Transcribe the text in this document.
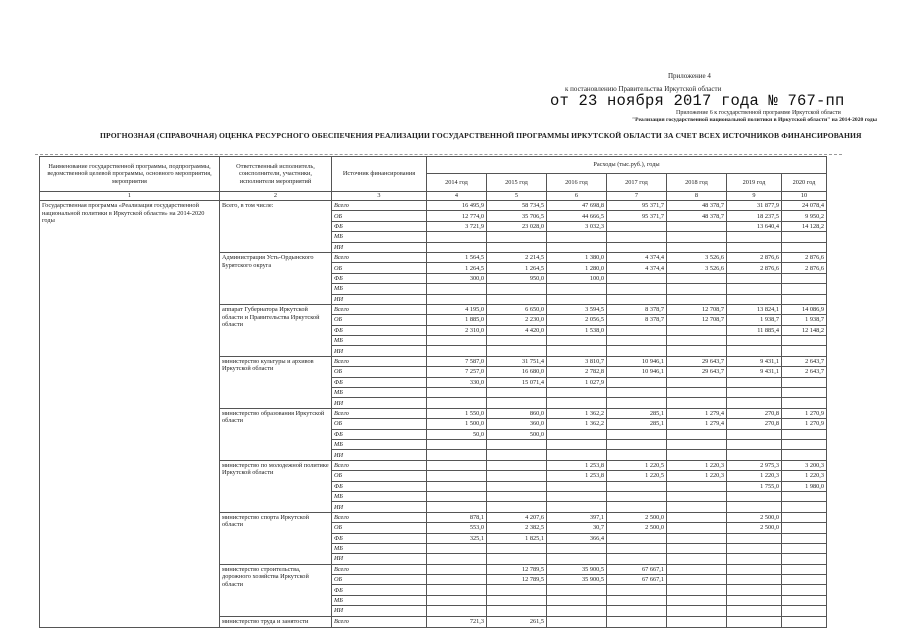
Приложение 4
к постановлению Правительства Иркутской области
от 23 ноября 2017 года № 767-пп
Приложение 6 к государственной программе Иркутской области
"Реализация государственной национальной политики в Иркутской области" на 2014-2020 годы
ПРОГНОЗНАЯ (СПРАВОЧНАЯ) ОЦЕНКА РЕСУРСНОГО ОБЕСПЕЧЕНИЯ РЕАЛИЗАЦИИ ГОСУДАРСТВЕННОЙ ПРОГРАММЫ ИРКУТСКОЙ ОБЛАСТИ ЗА СЧЕТ ВСЕХ ИСТОЧНИКОВ ФИНАНСИРОВАНИЯ
Наименование государственной программы, подпрограммы, ведомственной целевой программы, основного мероприятия, мероприятия	Ответственный исполнитель, соисполнители, участники, исполнители мероприятий	Источник финансирования	Расходы (тыс.руб.), годы						
			2014 год	2015 год	2016 год	2017 год	2018 год	2019 год	2020 год
1	2	3	4	5	6	7	8	9	10
Государственная программа «Реализация государственной национальной политики в Иркутской области» на 2014-2020 годы	Всего, в том числе:	Всего	16 495,9	58 734,5	47 698,8	95 371,7	48 378,7	31 877,9	24 078,4
		ОБ	12 774,0	35 706,5	44 666,5	95 371,7	48 378,7	18 237,5	9 950,2
		ФБ	3 721,9	23 028,0	3 032,3			13 640,4	14 128,2
		МБ							
		ИИ							
	Администрация Усть-Ордынского Бурятского округа	Всего	1 564,5	2 214,5	1 380,0	4 374,4	3 526,6	2 876,6	2 876,6
		ОБ	1 264,5	1 264,5	1 280,0	4 374,4	3 526,6	2 876,6	2 876,6
		ФБ	300,0	950,0	100,0				
		МБ							
		ИИ							
	аппарат Губернатора Иркутской области и Правительства Иркутской области	Всего	4 195,0	6 650,0	3 594,5	8 378,7	12 708,7	13 824,1	14 086,9
		ОБ	1 885,0	2 230,0	2 056,5	8 378,7	12 708,7	1 938,7	1 938,7
		ФБ	2 310,0	4 420,0	1 538,0			11 885,4	12 148,2
		МБ							
		ИИ							
	министерство культуры и архивов Иркутской области	Всего	7 587,0	31 751,4	3 810,7	10 946,1	29 643,7	9 431,1	2 643,7
		ОБ	7 257,0	16 680,0	2 782,8	10 946,1	29 643,7	9 431,1	2 643,7
		ФБ	330,0	15 071,4	1 027,9				
		МБ							
		ИИ							
	министерство образования Иркутской области	Всего	1 550,0	860,0	1 362,2	285,1	1 279,4	270,8	1 270,9
		ОБ	1 500,0	360,0	1 362,2	285,1	1 279,4	270,8	1 270,9
		ФБ	50,0	500,0					
		МБ							
		ИИ							
	министерство по молодежной политике Иркутской области	Всего			1 253,8	1 220,5	1 220,3	2 975,3	3 200,3
		ОБ			1 253,8	1 220,5	1 220,3	1 220,3	1 220,3
		ФБ						1 755,0	1 980,0
		МБ							
		ИИ							
	министерство спорта Иркутской области	Всего	878,1	4 207,6	397,1	2 500,0		2 500,0	
		ОБ	553,0	2 382,5	30,7	2 500,0		2 500,0	
		ФБ	325,1	1 825,1	366,4				
		МБ							
		ИИ							
	министерство строительства, дорожного хозяйства Иркутской области	Всего		12 789,5	35 900,5	67 667,1			
		ОБ		12 789,5	35 900,5	67 667,1			
		ФБ							
		МБ							
		ИИ							
	министерство труда и занятости	Всего	721,3	261,5					
